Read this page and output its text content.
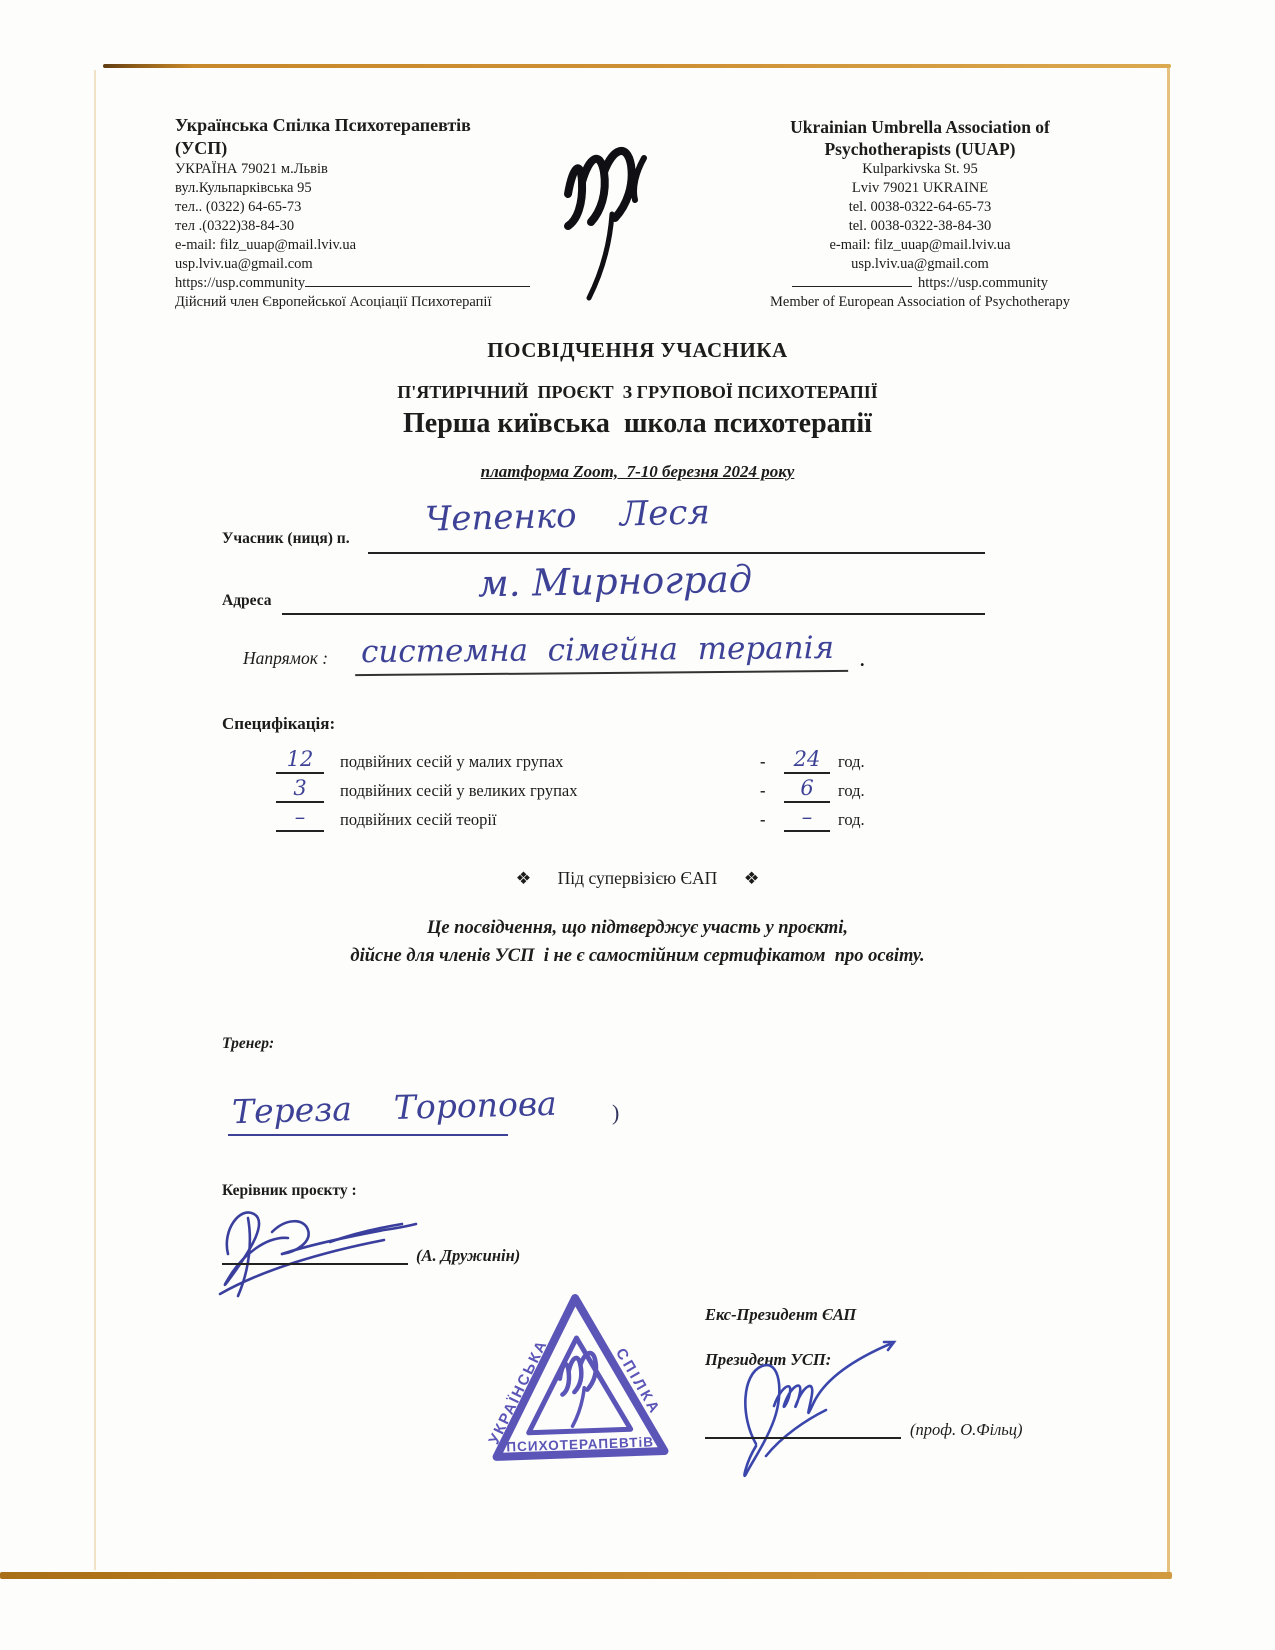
Українська Спілка Психотерапевтів
(УСП)
УКРАЇНА 79021 м.Львів
вул.Кульпарківська 95
тел.. (0322) 64-65-73
тел .(0322)38-84-30
e-mail: filz_uuap@mail.lviv.ua
usp.lviv.ua@gmail.com
https://usp.community
Дійсний член Європейської Асоціації Психотерапії
Ukrainian Umbrella Association of
Psychotherapists (UUAP)
Kulparkivska St. 95
Lviv 79021 UKRAINE
tel. 0038-0322-64-65-73
tel. 0038-0322-38-84-30
e-mail: filz_uuap@mail.lviv.ua
usp.lviv.ua@gmail.com
https://usp.community
Member of European Association of Psychotherapy
ПОСВІДЧЕННЯ УЧАСНИКА
П'ЯТИРІЧНИЙ  ПРОЄКТ  З ГРУПОВОЇ ПСИХОТЕРАПІЇ
Перша київська  школа психотерапії
платформа Zoom,  7-10 березня 2024 року
Учасник (ниця) п. Чепенко    Леся
Адреса	м. Мирноград
Напрямок : системна  сімейна  терапія	.
Специфікація:
12	подвійних сесій у малих групах	-	24	год.
3	подвійних сесій у великих групах	-	6	год.
–	подвійних сесій теорії	-	–	год.
❖ Під супервізією ЄАП ❖
Це посвідчення, що підтверджує участь у проєкті,
дійсне для членів УСП  і не є самостійним сертифікатом  про освіту.
Тренер:
Тереза    Торопова )
Керівник проєкту :
(А. Дружинін)
УКРАЇНСЬКА	СПІЛКА
ПСИХОТЕРАПЕВТіВ
Екс-Президент ЄАП
Президент УСП:
(проф. О.Фільц)
